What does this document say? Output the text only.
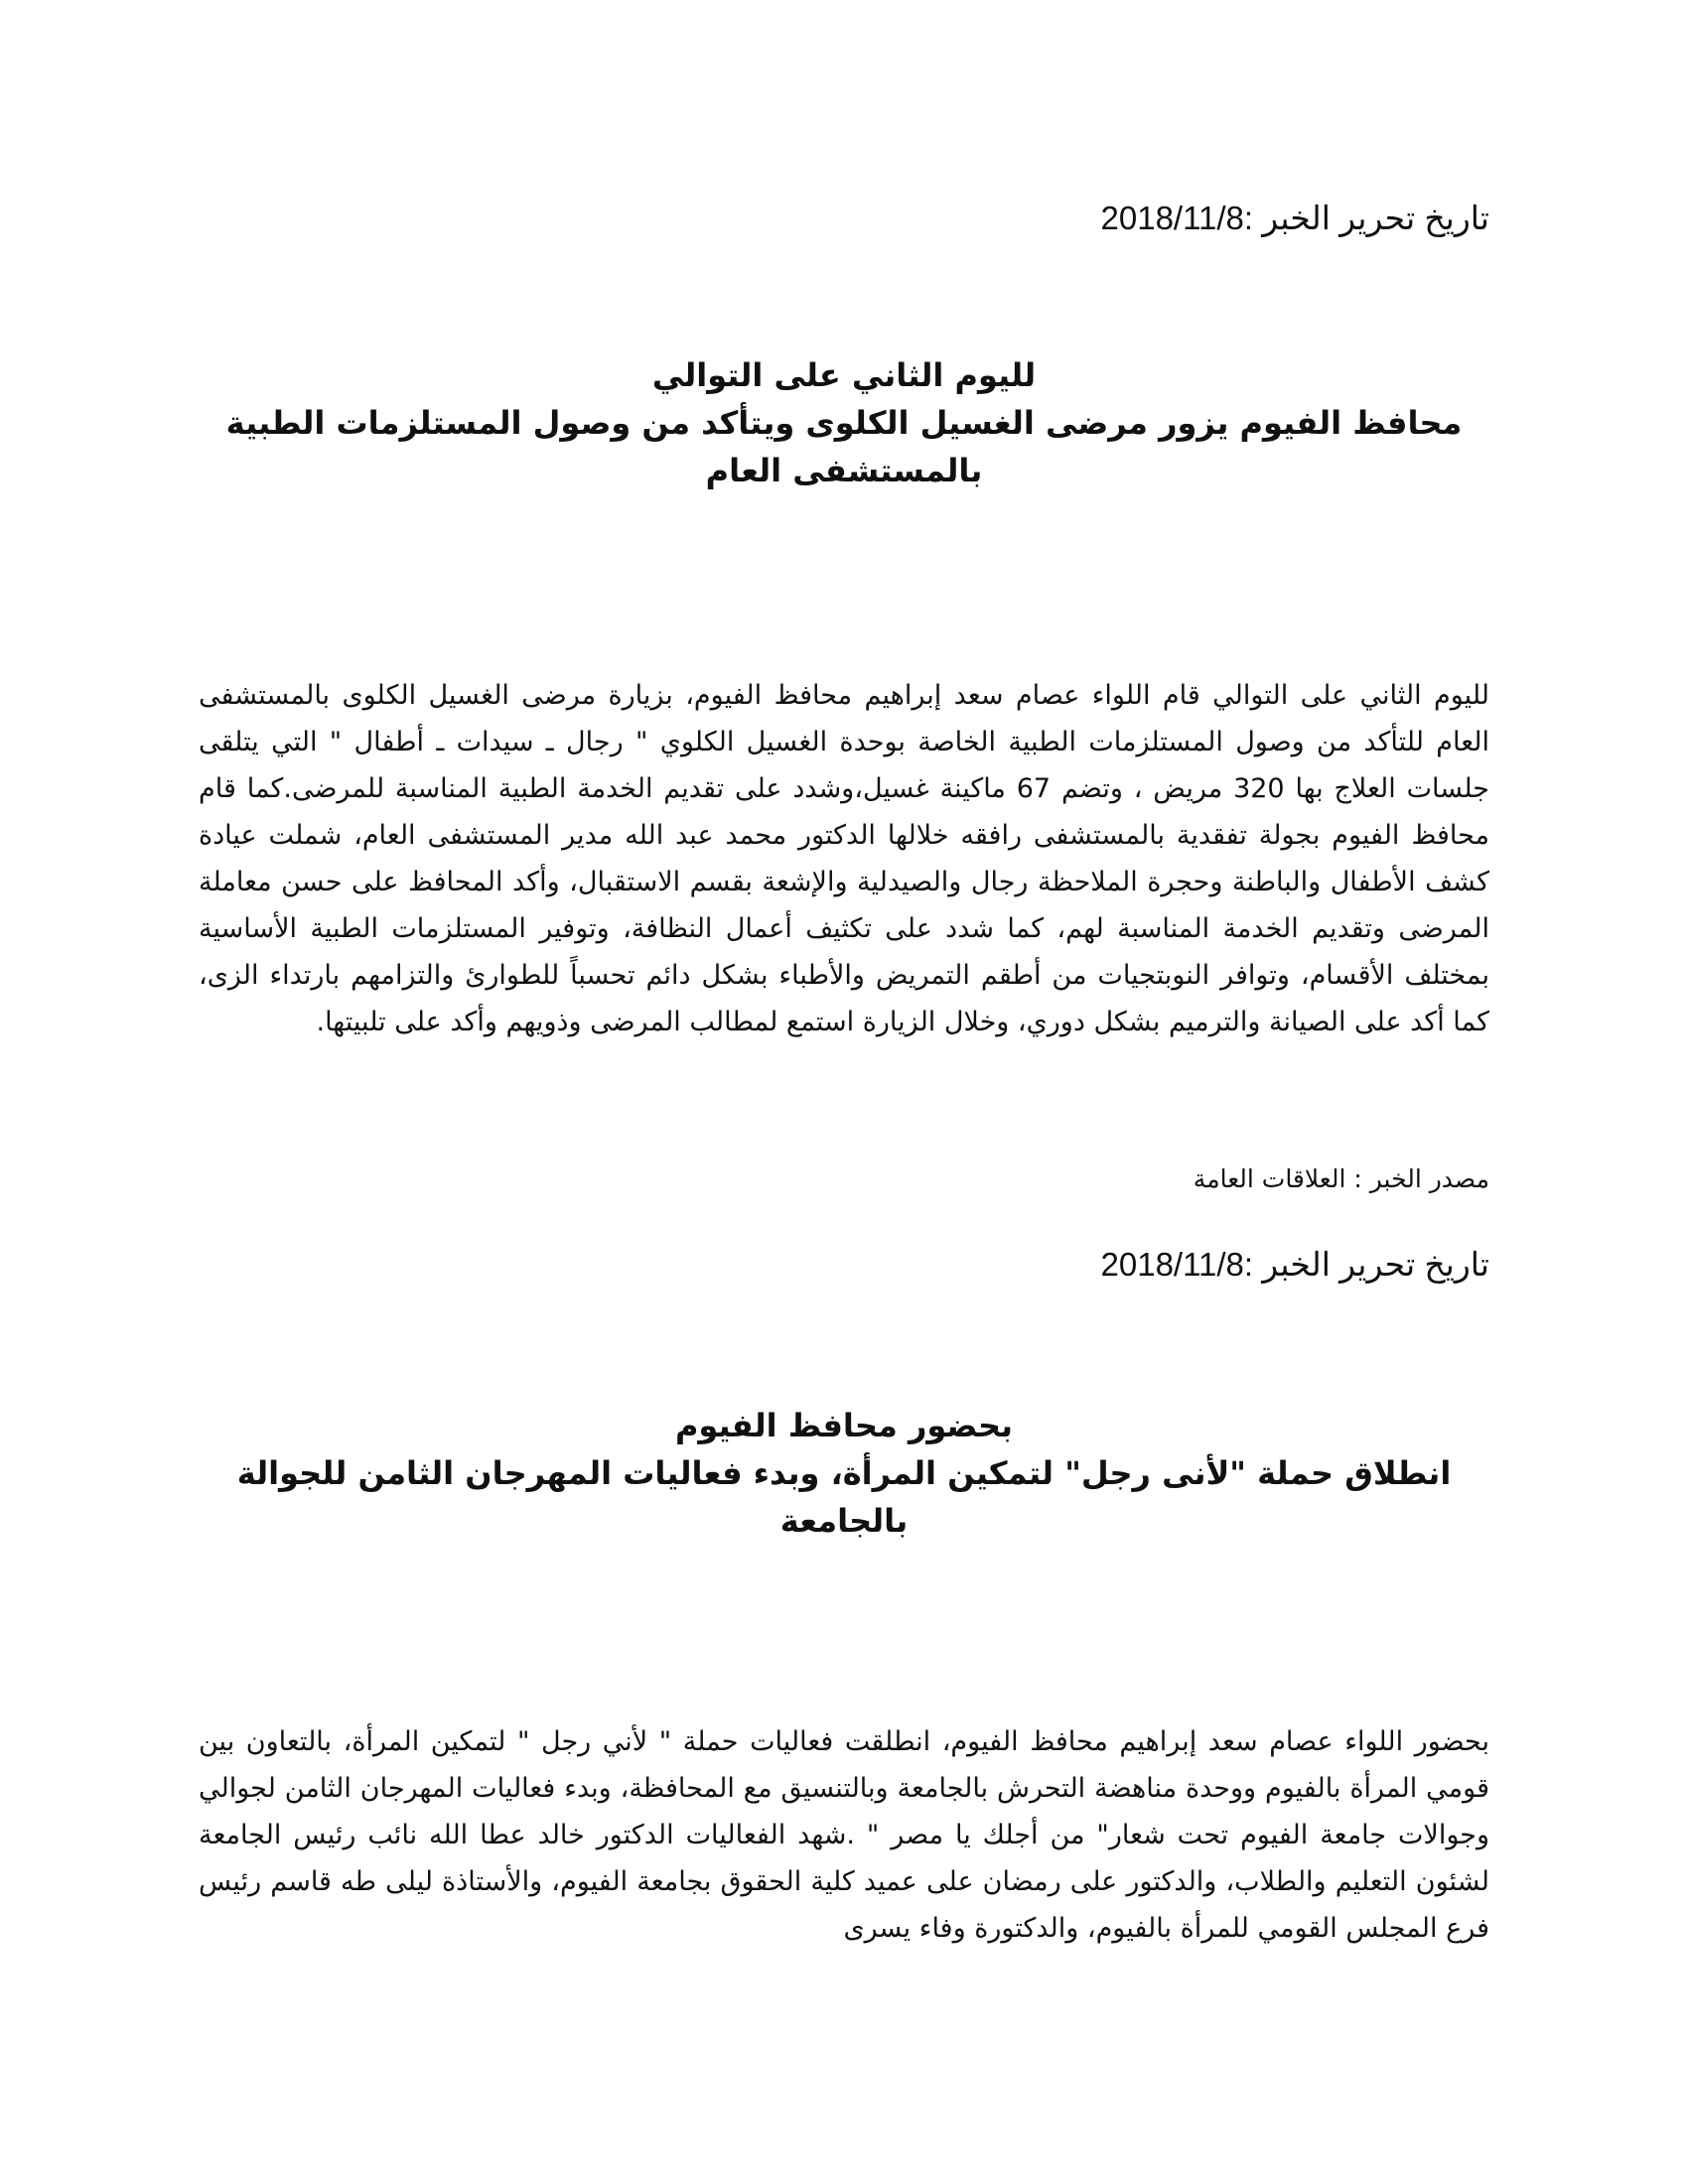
تاريخ تحرير الخبر :2018/11/8
لليوم الثاني على التوالي
محافظ الفيوم يزور مرضى الغسيل الكلوى ويتأكد من وصول المستلزمات الطبية
بالمستشفى العام
لليوم الثاني على التوالي قام اللواء عصام سعد إبراهيم محافظ الفيوم، بزيارة مرضى الغسيل الكلوى بالمستشفى العام للتأكد من وصول المستلزمات الطبية الخاصة بوحدة الغسيل الكلوي " رجال ـ سيدات ـ أطفال " التي يتلقى جلسات العلاج بها 320 مريض ، وتضم 67 ماكينة غسيل،وشدد على تقديم الخدمة الطبية المناسبة للمرضى.كما قام محافظ الفيوم بجولة تفقدية بالمستشفى رافقه خلالها الدكتور محمد عبد الله مدير المستشفى العام، شملت عيادة كشف الأطفال والباطنة وحجرة الملاحظة رجال والصيدلية والإشعة بقسم الاستقبال، وأكد المحافظ على حسن معاملة المرضى وتقديم الخدمة المناسبة لهم، كما شدد على تكثيف أعمال النظافة، وتوفير المستلزمات الطبية الأساسية بمختلف الأقسام، وتوافر النوبتجيات من أطقم التمريض والأطباء بشكل دائم تحسباً للطوارئ والتزامهم بارتداء الزى، كما أكد على الصيانة والترميم بشكل دوري، وخلال الزيارة استمع لمطالب المرضى وذويهم وأكد على تلبيتها.
مصدر الخبر : العلاقات العامة
تاريخ تحرير الخبر :2018/11/8
بحضور محافظ الفيوم
انطلاق حملة "لأنى رجل" لتمكين المرأة، وبدء فعاليات المهرجان الثامن للجوالة
بالجامعة
بحضور اللواء عصام سعد إبراهيم محافظ الفيوم، انطلقت فعاليات حملة " لأني رجل " لتمكين المرأة، بالتعاون بين قومي المرأة بالفيوم ووحدة مناهضة التحرش بالجامعة وبالتنسيق مع المحافظة، وبدء فعاليات المهرجان الثامن لجوالي وجوالات جامعة الفيوم تحت شعار" من أجلك يا مصر " .شهد الفعاليات الدكتور خالد عطا الله نائب رئيس الجامعة لشئون التعليم والطلاب، والدكتور على رمضان على عميد كلية الحقوق بجامعة الفيوم، والأستاذة ليلى طه قاسم رئيس فرع المجلس القومي للمرأة بالفيوم، والدكتورة وفاء يسرى
